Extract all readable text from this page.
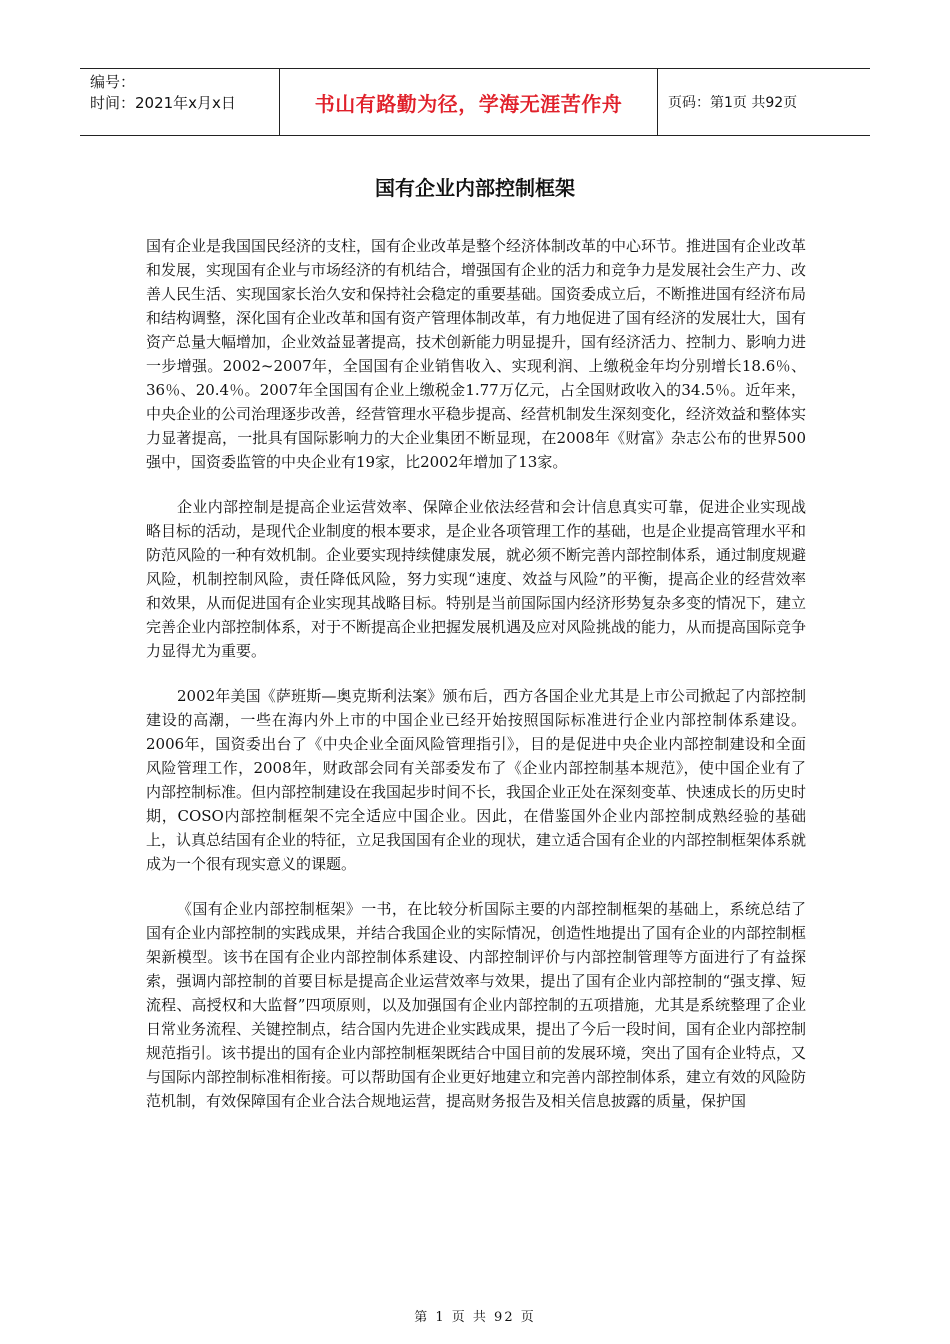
编号：
时间：2021年x月x日	书山有路勤为径，学海无涯苦作舟	页码：第1页 共92页
国有企业内部控制框架

国有企业是我国国民经济的支柱，国有企业改革是整个经济体制改革的中心环节。推进国有企业改革和发展，实现国有企业与市场经济的有机结合，增强国有企业的活力和竞争力是发展社会生产力、改善人民生活、实现国家长治久安和保持社会稳定的重要基础。国资委成立后，不断推进国有经济布局和结构调整，深化国有企业改革和国有资产管理体制改革，有力地促进了国有经济的发展壮大，国有资产总量大幅增加，企业效益显著提高，技术创新能力明显提升，国有经济活力、控制力、影响力进一步增强。2002~2007年，全国国有企业销售收入、实现利润、上缴税金年均分别增长18.6％、36％、20.4％。2007年全国国有企业上缴税金1.77万亿元，占全国财政收入的34.5％。近年来，中央企业的公司治理逐步改善，经营管理水平稳步提高、经营机制发生深刻变化，经济效益和整体实力显著提高，一批具有国际影响力的大企业集团不断显现，在2008年《财富》杂志公布的世界500强中，国资委监管的中央企业有19家，比2002年增加了13家。

企业内部控制是提高企业运营效率、保障企业依法经营和会计信息真实可靠，促进企业实现战略目标的活动，是现代企业制度的根本要求，是企业各项管理工作的基础，也是企业提高管理水平和防范风险的一种有效机制。企业要实现持续健康发展，就必须不断完善内部控制体系，通过制度规避风险，机制控制风险，责任降低风险，努力实现“速度、效益与风险”的平衡，提高企业的经营效率和效果，从而促进国有企业实现其战略目标。特别是当前国际国内经济形势复杂多变的情况下，建立完善企业内部控制体系，对于不断提高企业把握发展机遇及应对风险挑战的能力，从而提高国际竞争力显得尤为重要。

2002年美国《萨班斯—奥克斯利法案》颁布后，西方各国企业尤其是上市公司掀起了内部控制建设的高潮，一些在海内外上市的中国企业已经开始按照国际标准进行企业内部控制体系建设。2006年，国资委出台了《中央企业全面风险管理指引》，目的是促进中央企业内部控制建设和全面风险管理工作，2008年，财政部会同有关部委发布了《企业内部控制基本规范》，使中国企业有了内部控制标准。但内部控制建设在我国起步时间不长，我国企业正处在深刻变革、快速成长的历史时期，COSO内部控制框架不完全适应中国企业。因此，在借鉴国外企业内部控制成熟经验的基础上，认真总结国有企业的特征，立足我国国有企业的现状，建立适合国有企业的内部控制框架体系就成为一个很有现实意义的课题。

《国有企业内部控制框架》一书，在比较分析国际主要的内部控制框架的基础上，系统总结了国有企业内部控制的实践成果，并结合我国企业的实际情况，创造性地提出了国有企业的内部控制框架新模型。该书在国有企业内部控制体系建设、内部控制评价与内部控制管理等方面进行了有益探索，强调内部控制的首要目标是提高企业运营效率与效果，提出了国有企业内部控制的“强支撑、短流程、高授权和大监督”四项原则，以及加强国有企业内部控制的五项措施，尤其是系统整理了企业日常业务流程、关键控制点，结合国内先进企业实践成果，提出了今后一段时间，国有企业内部控制规范指引。该书提出的国有企业内部控制框架既结合中国目前的发展环境，突出了国有企业特点，又与国际内部控制标准相衔接。可以帮助国有企业更好地建立和完善内部控制体系，建立有效的风险防范机制，有效保障国有企业合法合规地运营，提高财务报告及相关信息披露的质量，保护国

第 1 页 共 92 页
